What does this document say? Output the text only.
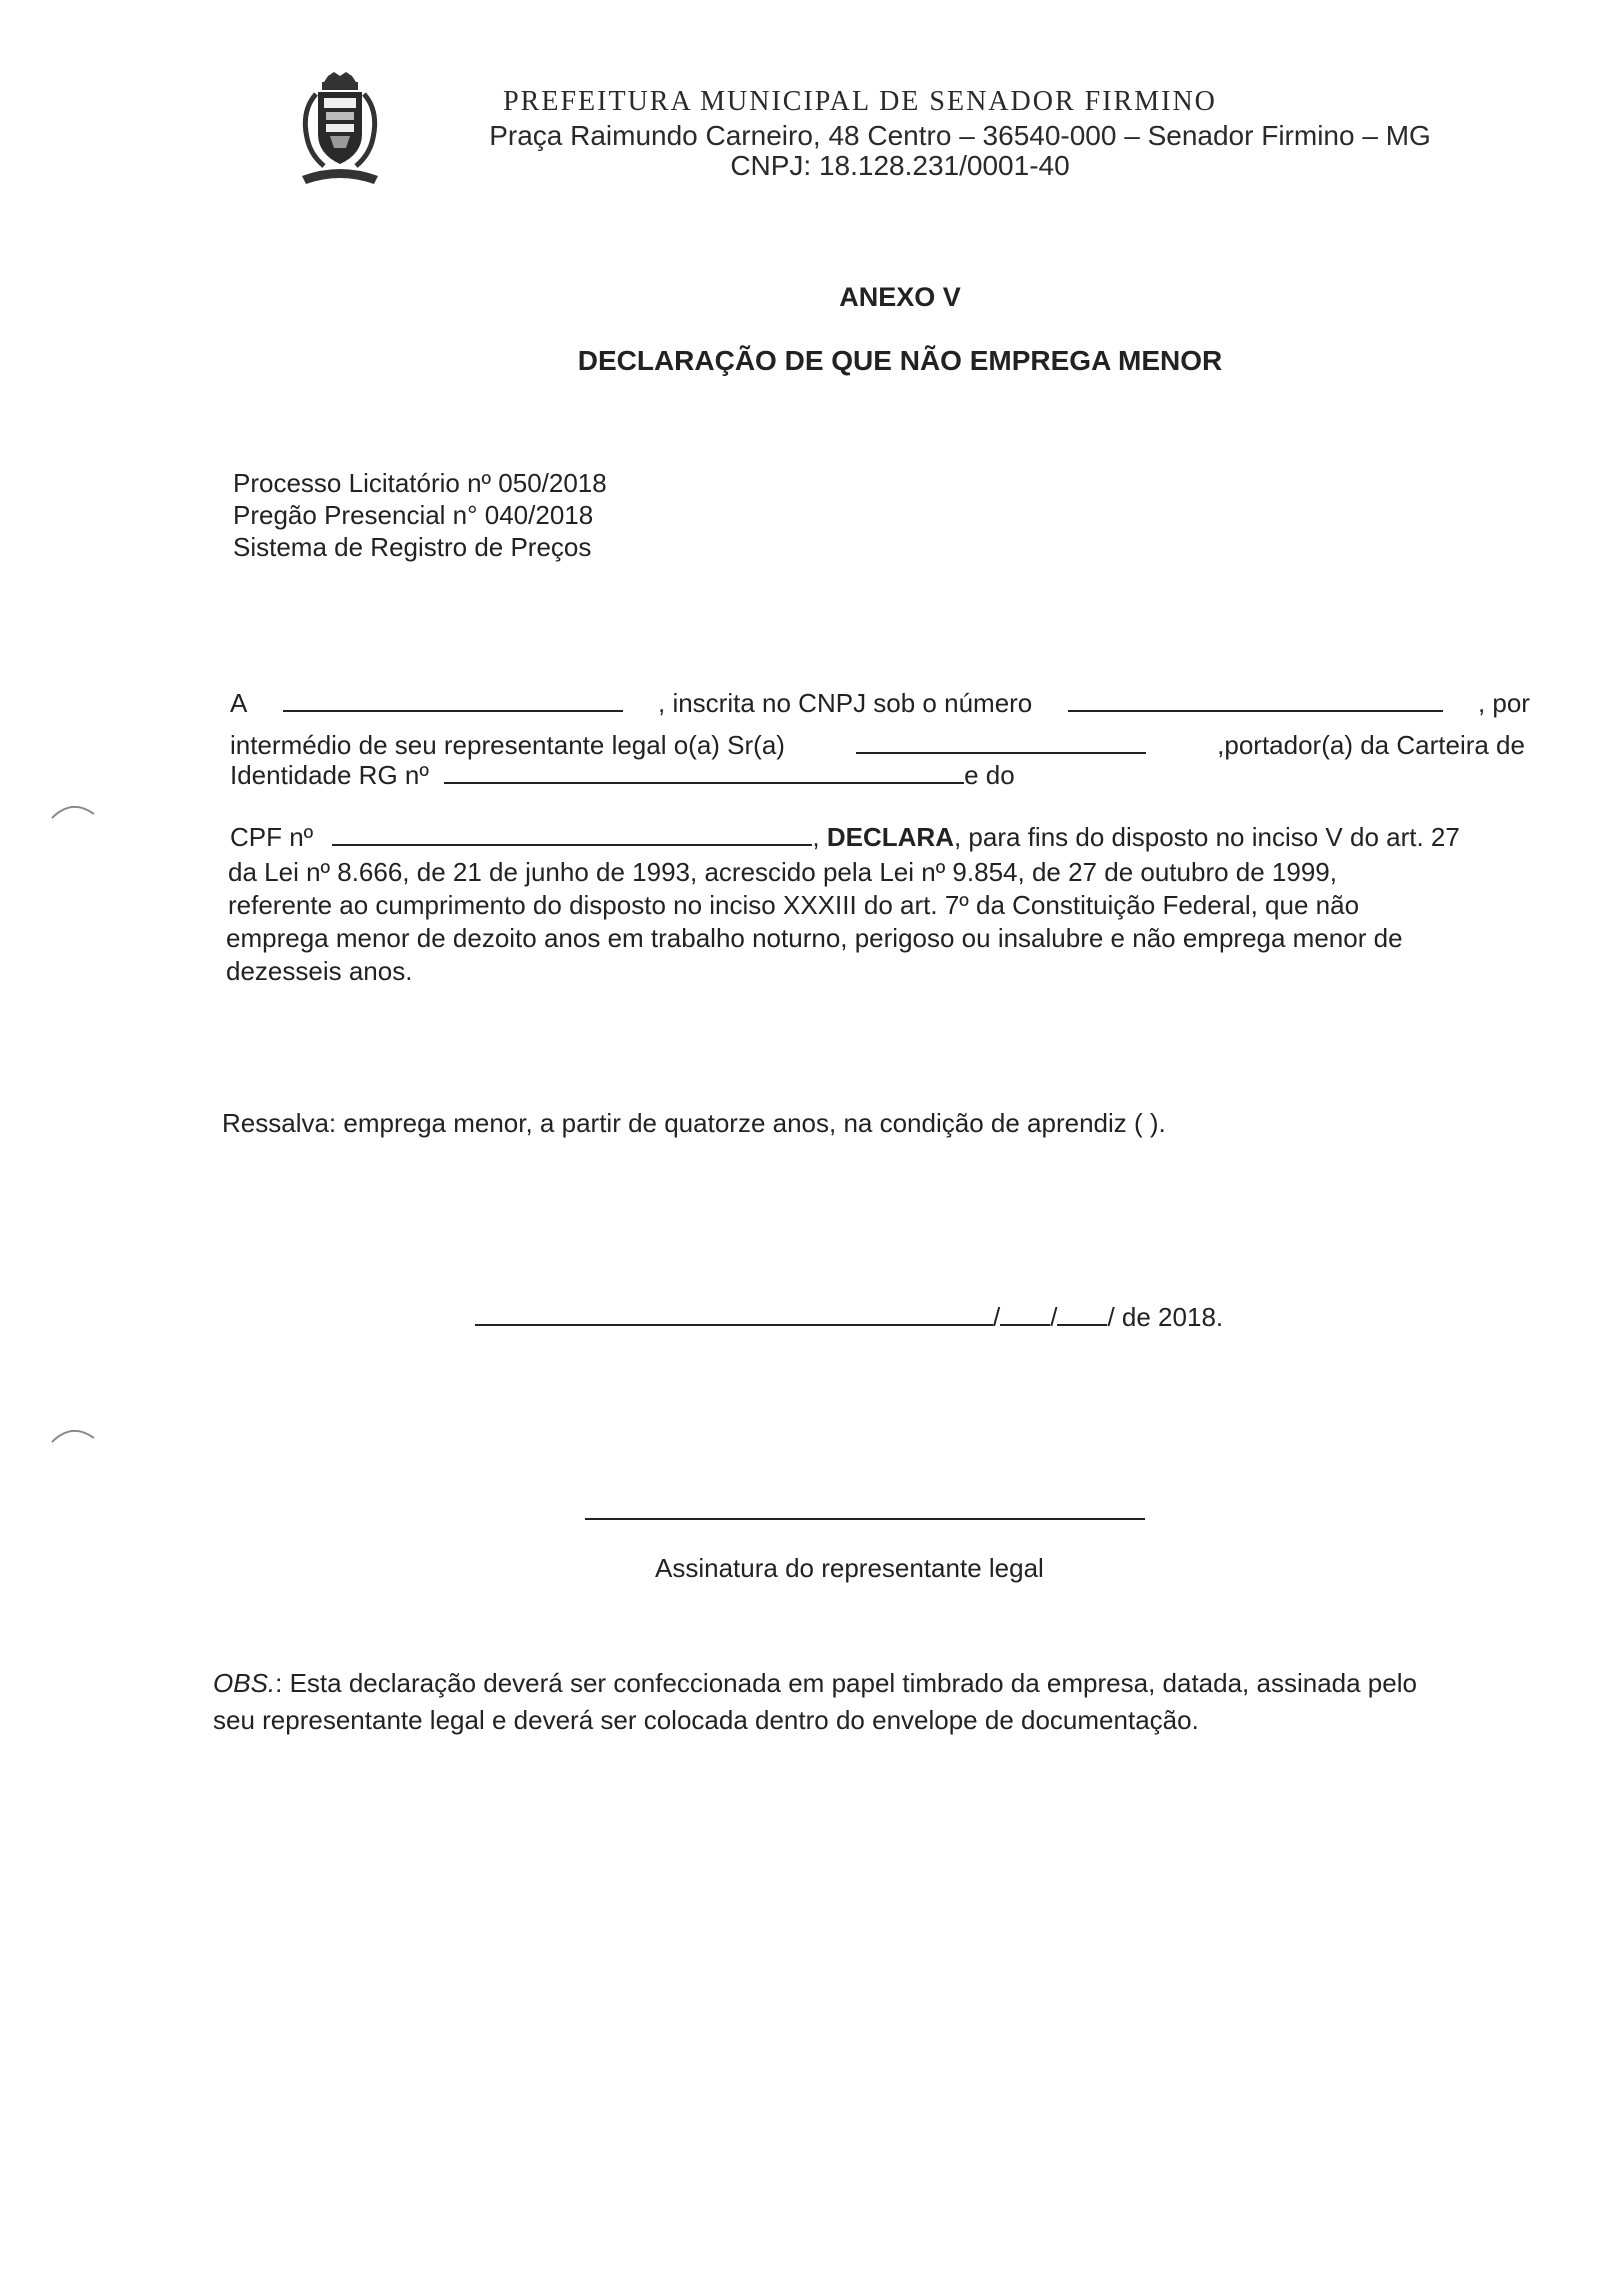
PREFEITURA MUNICIPAL DE SENADOR FIRMINO
Praça Raimundo Carneiro, 48 Centro – 36540-000 – Senador Firmino – MG
CNPJ: 18.128.231/0001-40
ANEXO V
DECLARAÇÃO DE QUE NÃO EMPREGA MENOR
Processo Licitatório nº 050/2018
Pregão Presencial n° 040/2018
Sistema de Registro de Preços
A	, inscrita no CNPJ sob o número	, por
intermédio de seu representante legal o(a) Sr(a)	,portador(a) da Carteira de
Identidade RG nº	e do
CPF nº	, DECLARA, para fins do disposto no inciso V do art. 27
da Lei nº 8.666, de 21 de junho de 1993, acrescido pela Lei nº 9.854, de 27 de outubro de 1999,
referente ao cumprimento do disposto no inciso XXXIII do art. 7º da Constituição Federal, que não
emprega menor de dezoito anos em trabalho noturno, perigoso ou insalubre e não emprega menor de
dezesseis anos.
Ressalva: emprega menor, a partir de quatorze anos, na condição de aprendiz ( ).
/ / / de 2018.
Assinatura do representante legal
OBS.: Esta declaração deverá ser confeccionada em papel timbrado da empresa, datada, assinada pelo
seu representante legal e deverá ser colocada dentro do envelope de documentação.
